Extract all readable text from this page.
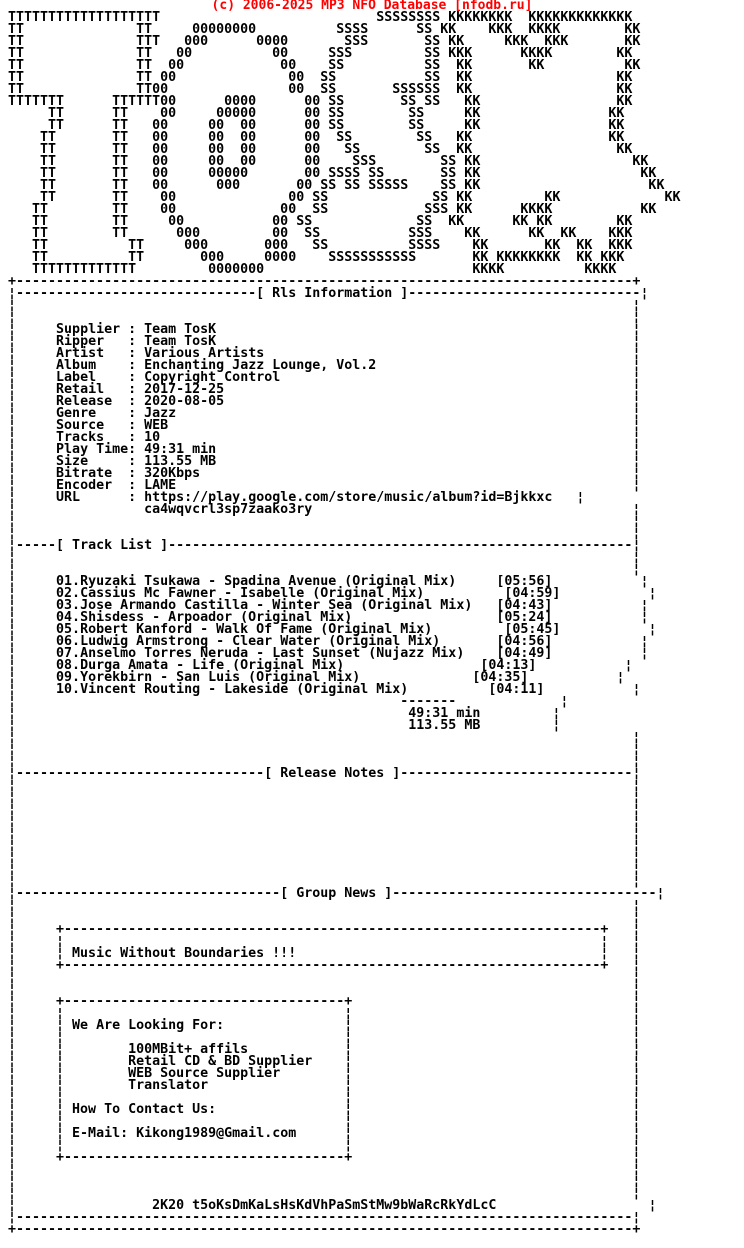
(c) 2006-2025 MP3 NFO Database [nfodb.ru]
TTTTTTTTTTTTTTTTTTT                           SSSSSSSS KKKKKKKK  KKKKKKKKKKKKK
TT              TT     00000000          SSSS      SS KK    KKK  KKKK        KK
TT              TTT   000      0000       SSS       SS KK     KKK  KKK       KK
TT              TT   00          00     SSS         SS KKK      KKKK        KK
TT              TT  00            00    SS          SS  KK       KK          KK
TT              TT 00              00  SS           SS  KK                  KK
TT              TT00               00  SS       SSSSSS  KK                  KK
TTTTTTT      TTTTTT00      0000      00 SS       SS SS   KK                 KK
TT      TT    00     00000      00 SS        SS     KK                KK
TT      TT   00     00  00      00 SS        SS     KK                KK
TT       TT   00     00  00      00  SS        SS   KK                 KK
TT       TT   00     00  00      00   SS        SS  KK                  KK
TT       TT   00     00  00      00    SSS        SS KK                   KK
TT       TT   00     00000       00 SSSS SS       SS KK                    KK
TT       TT   00      000       00 SS SS SSSSS    SS KK                     KK
TT       TT    00              00 SS             SS KK         KK             KK
TT        TT    00             00  SS            SSS KK      KKKK           KK
TT        TT     00           00 SS             SS  KK      KK KK        KK
TT        TT      000         00  SS           SSS    KK      KK  KK    KKK
TT          TT     000       000   SS          SSSS    KK       KK  KK  KKK
TT          TT       000     0000    SSSSSSSSSSS       KK KKKKKKKK  KK KKK
TTTTTTTTTTTTT         0000000                          KKKK          KKKK
+-----------------------------------------------------------------------------+
¦------------------------------[ Rls Information ]-----------------------------¦
¦                                                                             ¦
¦                                                                             ¦
¦	Supplier : Team TosK	¦
¦	Ripper   : Team TosK	¦
¦	Artist   : Various Artists	¦
¦	Album    : Enchanting Jazz Lounge, Vol.2	¦
¦	Label    : Copyright Control	¦
¦	Retail   : 2017-12-25	¦
¦	Release  : 2020-08-05	¦
¦	Genre    : Jazz	¦
¦	Source   : WEB	¦
¦	Tracks   : 10	¦
¦	Play Time: 49:31 min	¦
¦	Size     : 113.55 MB	¦
¦	Bitrate  : 320Kbps	¦
¦	Encoder  : LAME	¦
¦	URL      : https://play.google.com/store/music/album?id=Bjkkxc   ¦
¦	ca4wqvcrl3sp7zaako3ry	¦
¦                                                                             ¦
¦                                                                             ¦
¦-----[ Track List ]----------------------------------------------------------¦
¦                                                                             ¦
¦                                                                             ¦
¦	01.Ryuzaki Tsukawa - Spadina Avenue (Original Mix)	[05:56]	¦
¦	02.Cassius Mc Fawner - Isabelle (Original Mix)	[04:59]	¦
¦	03.Jose Armando Castilla - Winter Sea (Original Mix) [04:43]	¦
¦	04.Shisdess - Arpoador (Original Mix)	[05:24]	¦
¦	05.Robert Kanford - Walk Of Fame (Original Mix)	[05:45]	¦
¦	06.Ludwig Armstrong - Clear Water (Original Mix)	[04:56]	¦
¦	07.Anselmo Torres Neruda - Last Sunset (Nujazz Mix) [04:49]	¦
¦	08.Durga Amata - Life (Original Mix)	[04:13]	¦
¦	09.Yorekbirn - San Luis (Original Mix)	[04:35]	¦
¦	10.Vincent Routing - Lakeside (Original Mix)	[04:11]	¦
¦	-------	¦
¦	49:31 min	¦
¦	113.55 MB	¦
¦                                                                             ¦
¦                                                                             ¦
¦                                                                             ¦
¦-------------------------------[ Release Notes ]-----------------------------¦
¦                                                                             ¦
¦                                                                             ¦
¦                                                                             ¦
¦                                                                             ¦
¦                                                                             ¦
¦                                                                             ¦
¦                                                                             ¦
¦                                                                             ¦
¦                                                                             ¦
¦---------------------------------[ Group News ]---------------------------------¦
¦                                                                             ¦
¦                                                                             ¦
¦     +-------------------------------------------------------------------+   ¦
¦     ¦                                                                   ¦   ¦
¦     ¦ Music Without Boundaries !!!	¦   ¦
¦     +-------------------------------------------------------------------+   ¦
¦                                                                             ¦
¦                                                                             ¦
¦     +-----------------------------------+                                   ¦
¦     ¦                                   ¦                                   ¦
¦     ¦ We Are Looking For:	¦                                   ¦
¦     ¦                                   ¦                                   ¦
¦     ¦	100MBit+ affils	¦                                   ¦
¦     ¦	Retail CD & BD Supplier    ¦                                   ¦
¦     ¦	WEB Source Supplier	¦                                   ¦
¦     ¦	Translator	¦                                   ¦
¦     ¦                                   ¦                                   ¦
¦     ¦ How To Contact Us:	¦                                   ¦
¦     ¦                                   ¦                                   ¦
¦     ¦ E-Mail: Kikong1989@Gmail.com	¦                                   ¦
¦     ¦                                   ¦                                   ¦
¦     +-----------------------------------+                                   ¦
¦                                                                             ¦
¦                                                                             ¦
¦                                                                             ¦
¦	2K20 t5oKsDmKaLsHsKdVhPaSmStMw9bWaRcRkYdLcC	¦
¦-----------------------------------------------------------------------------¦
+-----------------------------------------------------------------------------+
